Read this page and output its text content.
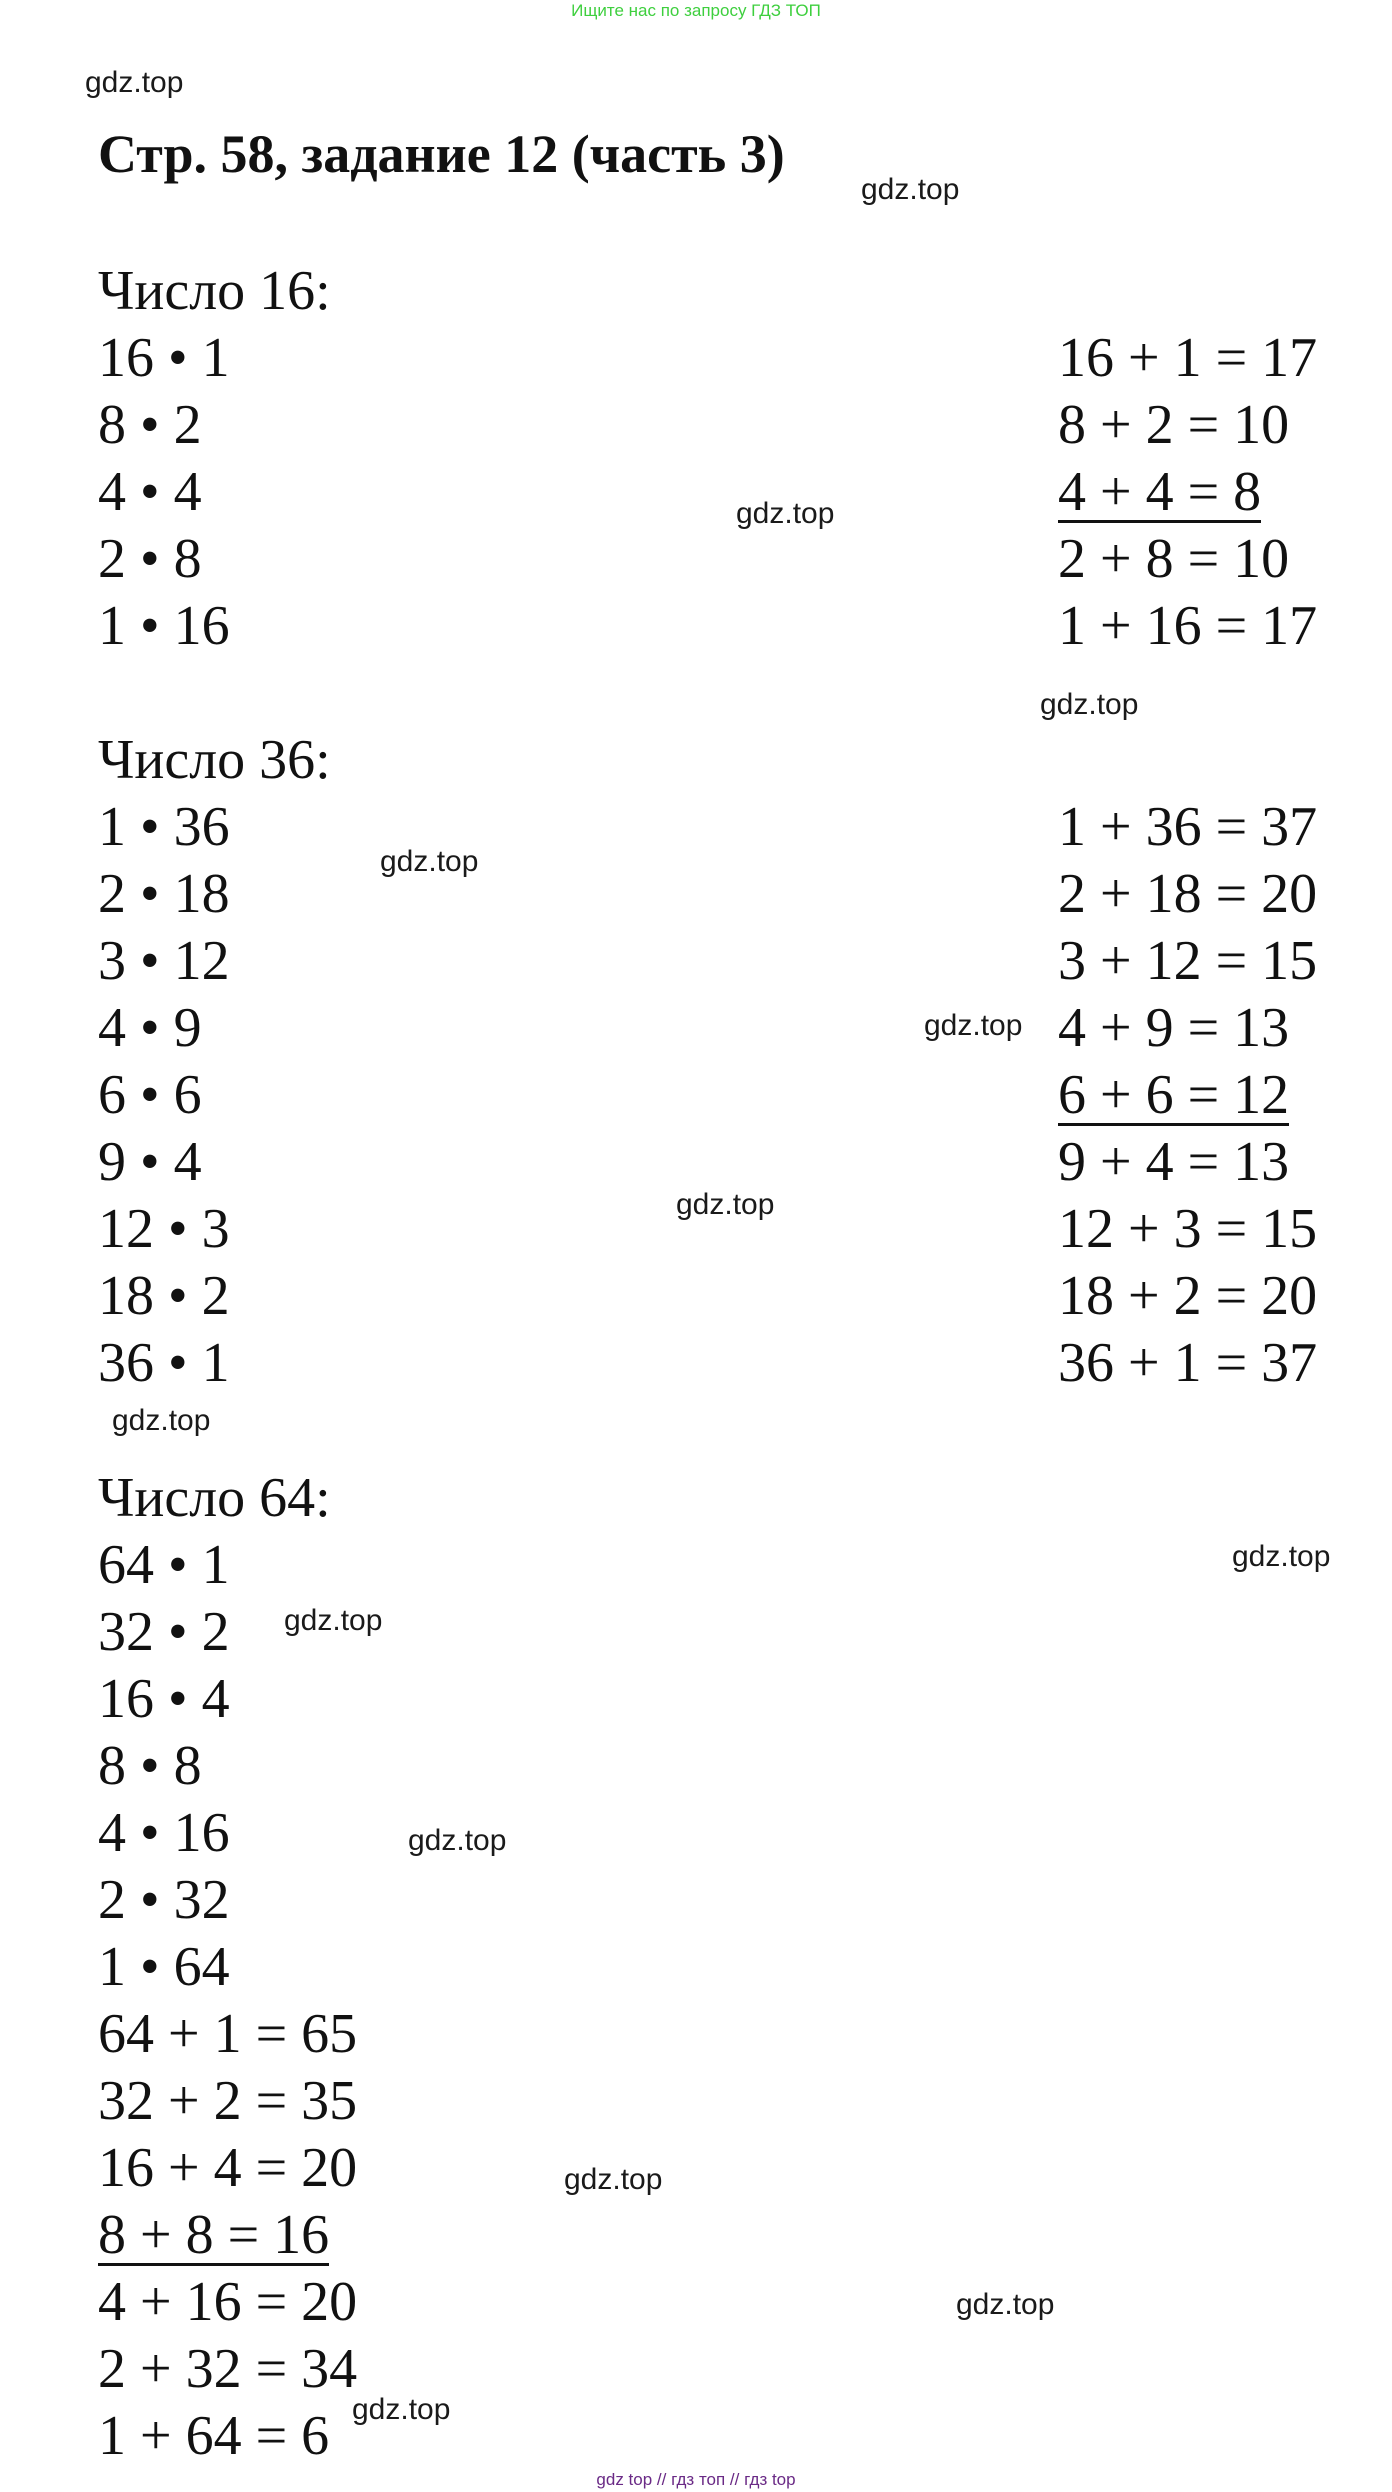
Ищите нас по запросу ГДЗ ТОП
gdz.top
Стр. 58, задание 12 (часть 3)
gdz.top
Число 16:
16 • 1
8 • 2
4 • 4
2 • 8
1 • 16
16 + 1 = 17
8 + 2 = 10
4 + 4 = 8
2 + 8 = 10
1 + 16 = 17
gdz.top
gdz.top
Число 36:
1 • 36
2 • 18
3 • 12
4 • 9
6 • 6
9 • 4
12 • 3
18 • 2
36 • 1
1 + 36 = 37
2 + 18 = 20
3 + 12 = 15
4 + 9 = 13
6 + 6 = 12
9 + 4 = 13
12 + 3 = 15
18 + 2 = 20
36 + 1 = 37
gdz.top
gdz.top
gdz.top
gdz.top
Число 64:
64 • 1
32 • 2
16 • 4
8 • 8
4 • 16
2 • 32
1 • 64
64 + 1 = 65
32 + 2 = 35
16 + 4 = 20
8 + 8 = 16
4 + 16 = 20
2 + 32 = 34
1 + 64 = 6
gdz.top
gdz.top
gdz.top
gdz.top
gdz.top
gdz.top
gdz top // гдз топ // гдз top
